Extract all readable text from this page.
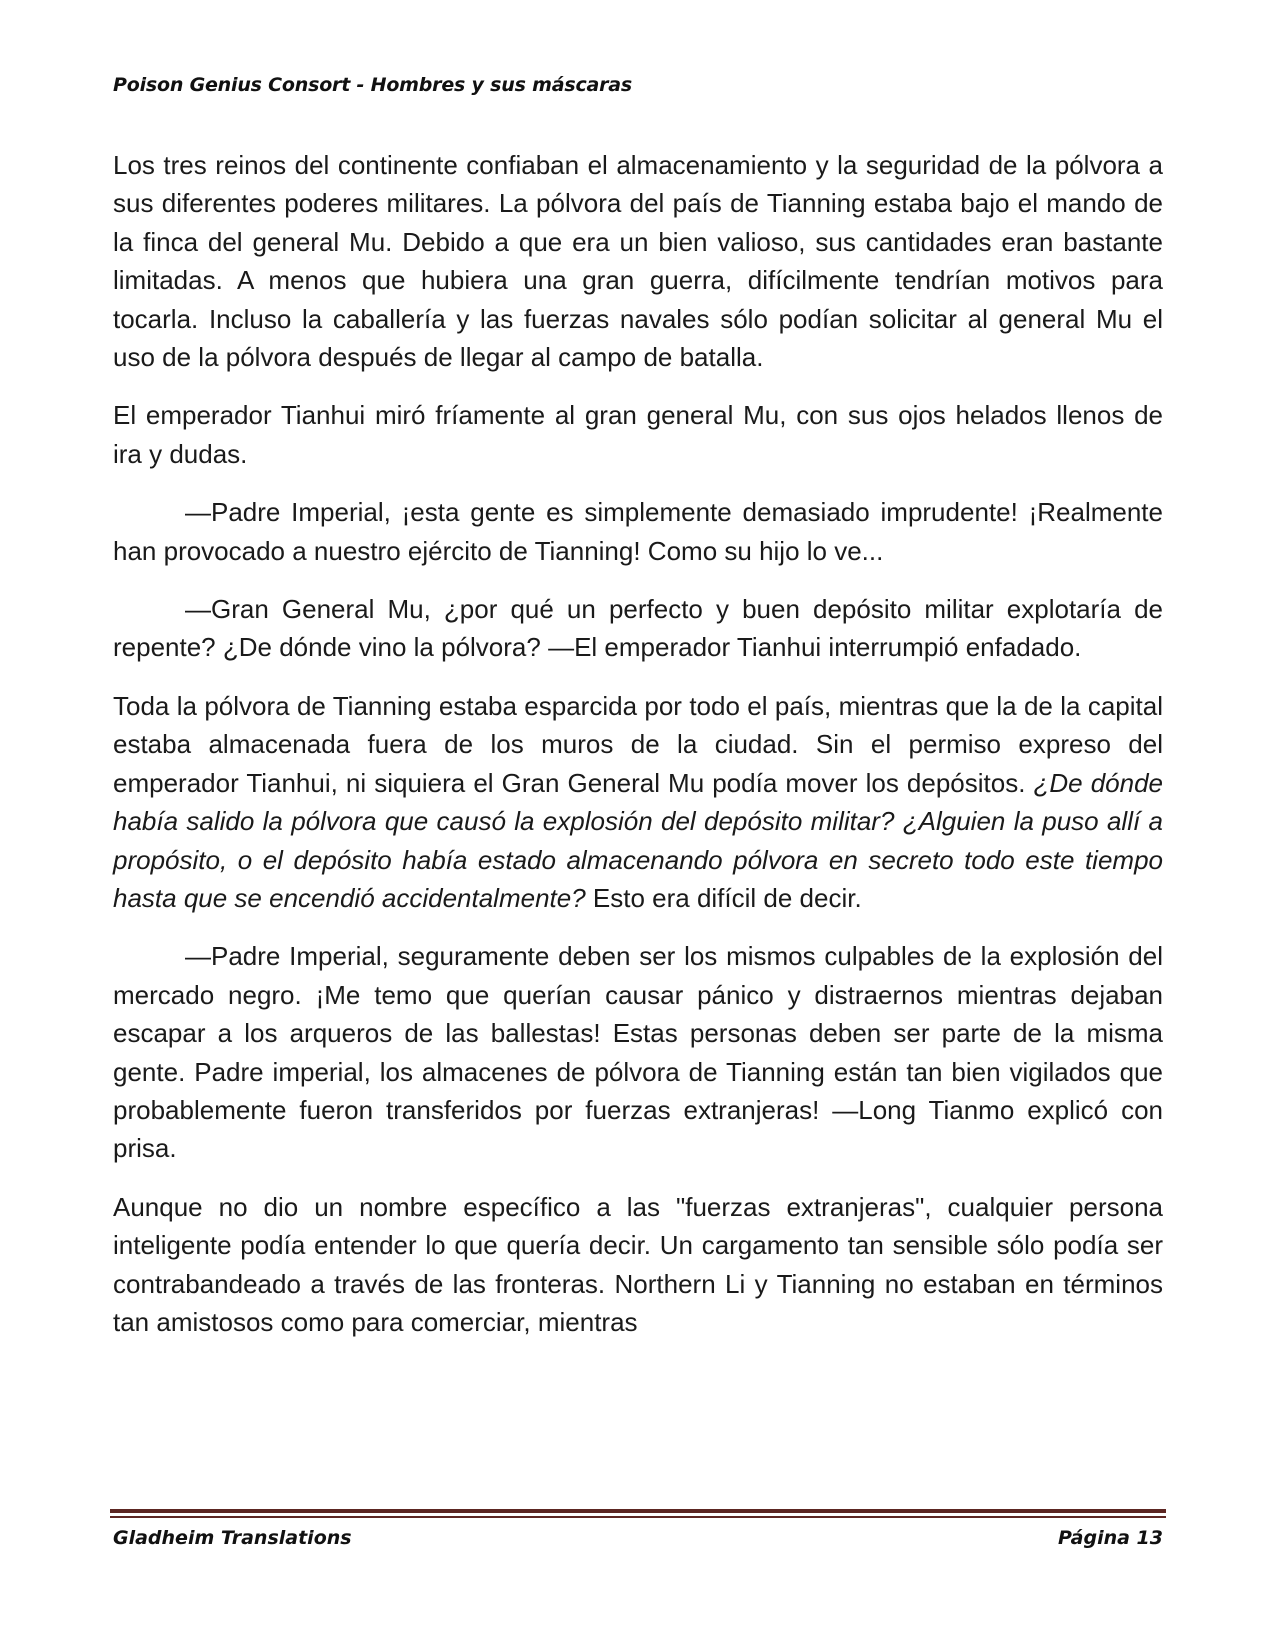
Poison Genius Consort - Hombres y sus máscaras

Los tres reinos del continente confiaban el almacenamiento y la seguridad de la pólvora a sus diferentes poderes militares. La pólvora del país de Tianning estaba bajo el mando de la finca del general Mu. Debido a que era un bien valioso, sus cantidades eran bastante limitadas. A menos que hubiera una gran guerra, difícilmente tendrían motivos para tocarla. Incluso la caballería y las fuerzas navales sólo podían solicitar al general Mu el uso de la pólvora después de llegar al campo de batalla.

El emperador Tianhui miró fríamente al gran general Mu, con sus ojos helados llenos de ira y dudas.

—Padre Imperial, ¡esta gente es simplemente demasiado imprudente! ¡Realmente han provocado a nuestro ejército de Tianning! Como su hijo lo ve...

—Gran General Mu, ¿por qué un perfecto y buen depósito militar explotaría de repente? ¿De dónde vino la pólvora? —El emperador Tianhui interrumpió enfadado.

Toda la pólvora de Tianning estaba esparcida por todo el país, mientras que la de la capital estaba almacenada fuera de los muros de la ciudad. Sin el permiso expreso del emperador Tianhui, ni siquiera el Gran General Mu podía mover los depósitos. ¿De dónde había salido la pólvora que causó la explosión del depósito militar? ¿Alguien la puso allí a propósito, o el depósito había estado almacenando pólvora en secreto todo este tiempo hasta que se encendió accidentalmente? Esto era difícil de decir.

—Padre Imperial, seguramente deben ser los mismos culpables de la explosión del mercado negro. ¡Me temo que querían causar pánico y distraernos mientras dejaban escapar a los arqueros de las ballestas! Estas personas deben ser parte de la misma gente. Padre imperial, los almacenes de pólvora de Tianning están tan bien vigilados que probablemente fueron transferidos por fuerzas extranjeras! —Long Tianmo explicó con prisa.

Aunque no dio un nombre específico a las "fuerzas extranjeras", cualquier persona inteligente podía entender lo que quería decir. Un cargamento tan sensible sólo podía ser contrabandeado a través de las fronteras. Northern Li y Tianning no estaban en términos tan amistosos como para comerciar, mientras

Gladheim Translations	Página 13
